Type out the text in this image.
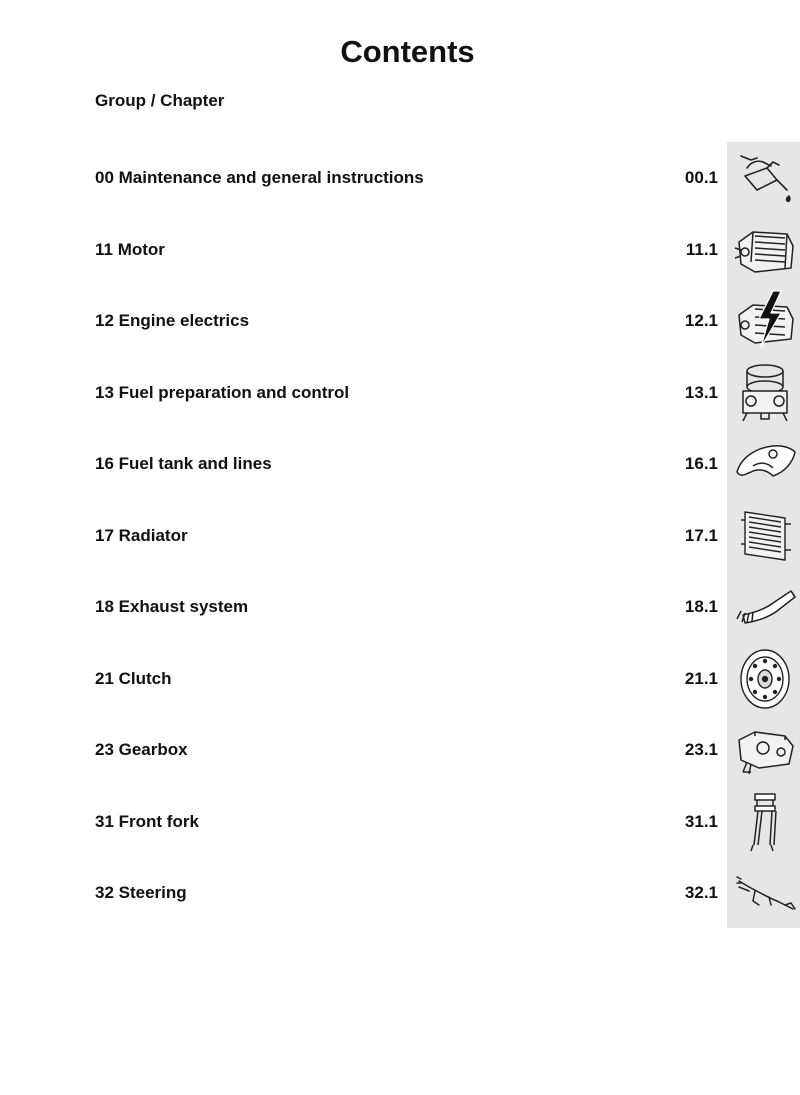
Contents
Group / Chapter
00 Maintenance and general instructions	00.1
11 Motor	11.1
12 Engine electrics	12.1
13 Fuel preparation and control	13.1
16 Fuel tank and lines	16.1
17 Radiator	17.1
18 Exhaust system	18.1
21 Clutch	21.1
23 Gearbox	23.1
31 Front fork	31.1
32 Steering	32.1
